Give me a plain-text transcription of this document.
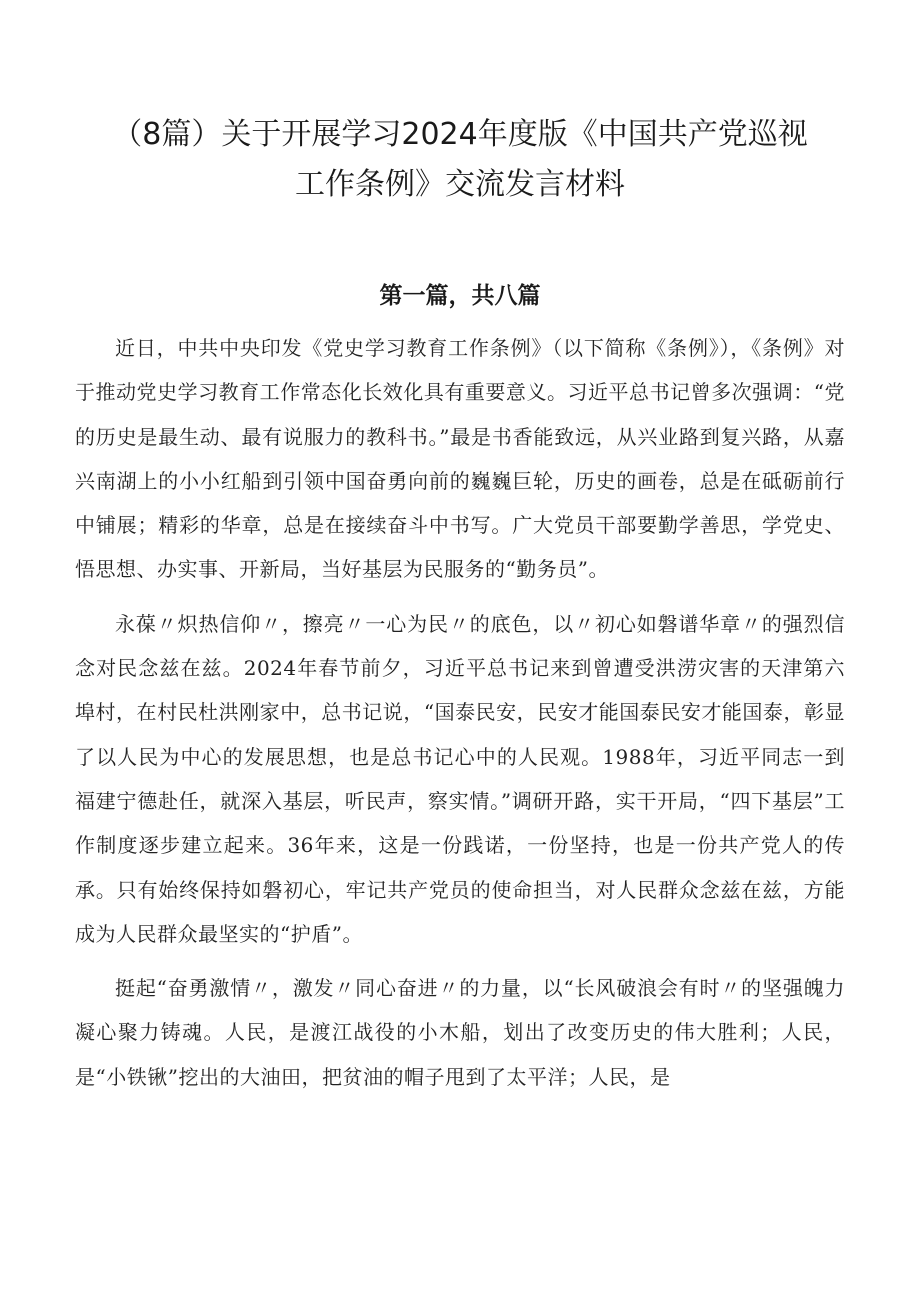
（8篇）关于开展学习2024年度版《中国共产党巡视工作条例》交流发言材料
第一篇，共八篇

近日，中共中央印发《党史学习教育工作条例》（以下简称《条例》），《条例》对于推动党史学习教育工作常态化长效化具有重要意义。习近平总书记曾多次强调：“党的历史是最生动、最有说服力的教科书。”最是书香能致远，从兴业路到复兴路，从嘉兴南湖上的小小红船到引领中国奋勇向前的巍巍巨轮，历史的画卷，总是在砥砺前行中铺展；精彩的华章，总是在接续奋斗中书写。广大党员干部要勤学善思，学党史、悟思想、办实事、开新局，当好基层为民服务的“勤务员”。

永葆〃炽热信仰〃，擦亮〃一心为民〃的底色，以〃初心如磐谱华章〃的强烈信念对民念兹在兹。2024年春节前夕，习近平总书记来到曾遭受洪涝灾害的天津第六埠村，在村民杜洪刚家中，总书记说，“国泰民安，民安才能国泰民安才能国泰，彰显了以人民为中心的发展思想，也是总书记心中的人民观。1988年，习近平同志一到福建宁德赴任，就深入基层，听民声，察实情。”调研开路，实干开局，“四下基层”工作制度逐步建立起来。36年来，这是一份践诺，一份坚持，也是一份共产党人的传承。只有始终保持如磐初心，牢记共产党员的使命担当，对人民群众念兹在兹，方能成为人民群众最坚实的“护盾”。

挺起“奋勇激情〃，激发〃同心奋进〃的力量，以“长风破浪会有时〃的坚强魄力凝心聚力铸魂。人民，是渡江战役的小木船，划出了改变历史的伟大胜利；人民，是“小铁锹”挖出的大油田，把贫油的帽子甩到了太平洋；人民，是
